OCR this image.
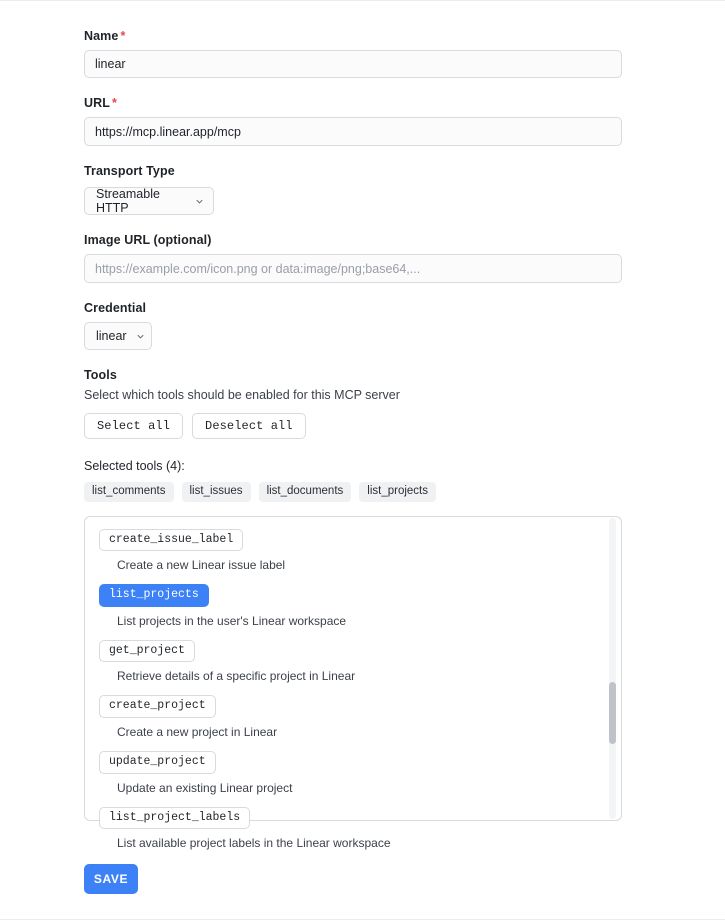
Name *
linear
URL *
https://mcp.linear.app/mcp
Transport Type
Streamable HTTP
Image URL (optional)
https://example.com/icon.png or data:image/png;base64,...
Credential
linear
Tools
Select which tools should be enabled for this MCP server
Select all	Deselect all
Selected tools (4):
list_comments	list_issues	list_documents	list_projects
create_issue_label
Create a new Linear issue label
list_projects
List projects in the user's Linear workspace
get_project
Retrieve details of a specific project in Linear
create_project
Create a new project in Linear
update_project
Update an existing Linear project
list_project_labels
List available project labels in the Linear workspace
SAVE
